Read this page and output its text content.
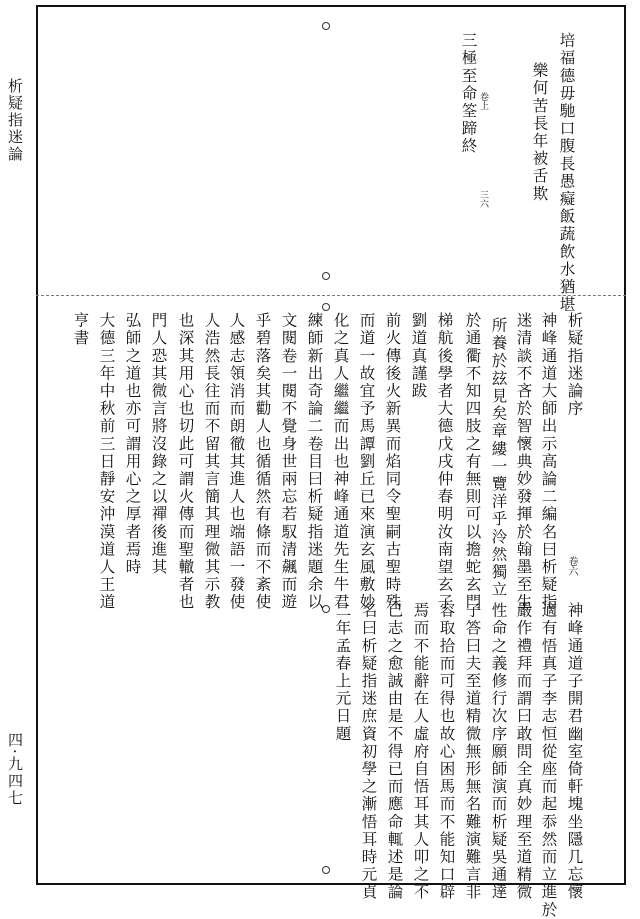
析疑指迷論
四·九四七
培福德毋馳口腹長愚癡飯蔬飲水猶堪
樂何苦長年被舌欺
三極至命筌蹄終 卷上
三六
卷六
析疑指迷論序
神峰通道大師出示高論二編名曰析疑指
迷清談不吝於智懷典妙發揮於翰墨至生
所養於玆見矣章縷一覽洋乎泠然獨立
於通衢不知四肢之有無則可以擔蛇玄門
梯航後學者大德戊戌仲春明汝南望玄子
劉道真謹跋
前火傳後火新異而焰同令聖嗣古聖時殊
而道一故宜予馬譚劉丘已來演玄風敷妙
化之真人繼繼而出也神峰通道先生牛君
練師新出奇論二卷目曰析疑指迷題余以
文閱卷一閱不覺身世兩忘若馭清飆而遊
乎碧落矣其勸人也循循然有條而不紊使
人感志領消而朗徹其進人也端語一發使
人浩然長往而不留其言簡其理微其示教
也深其用心也切此可謂火傳而聖轍者也
門人恐其微言將沒錄之以禪後進其
弘師之道也亦可謂用心之厚者焉時
大德三年中秋前三日靜安沖漠道人王道
亨書
神峰通道子開君幽室倚軒塊坐隱几忘懷
適有悟真子李志恒從座而起忝然而立進於
嚴作禮拜而謂曰敢問全真妙理至道精微
性命之義修行次序願師演而析疑吳通達
子答曰夫至道精微無形無名難演難言非
容取拾而可得也故心困馬而不能知口辟
焉而不能辭在人虛府自悟耳其人叩之不
已志之愈誠由是不得已而應命輒述是論
名曰析疑指迷庶資初學之漸悟耳時元貞
二年孟春上元日題
